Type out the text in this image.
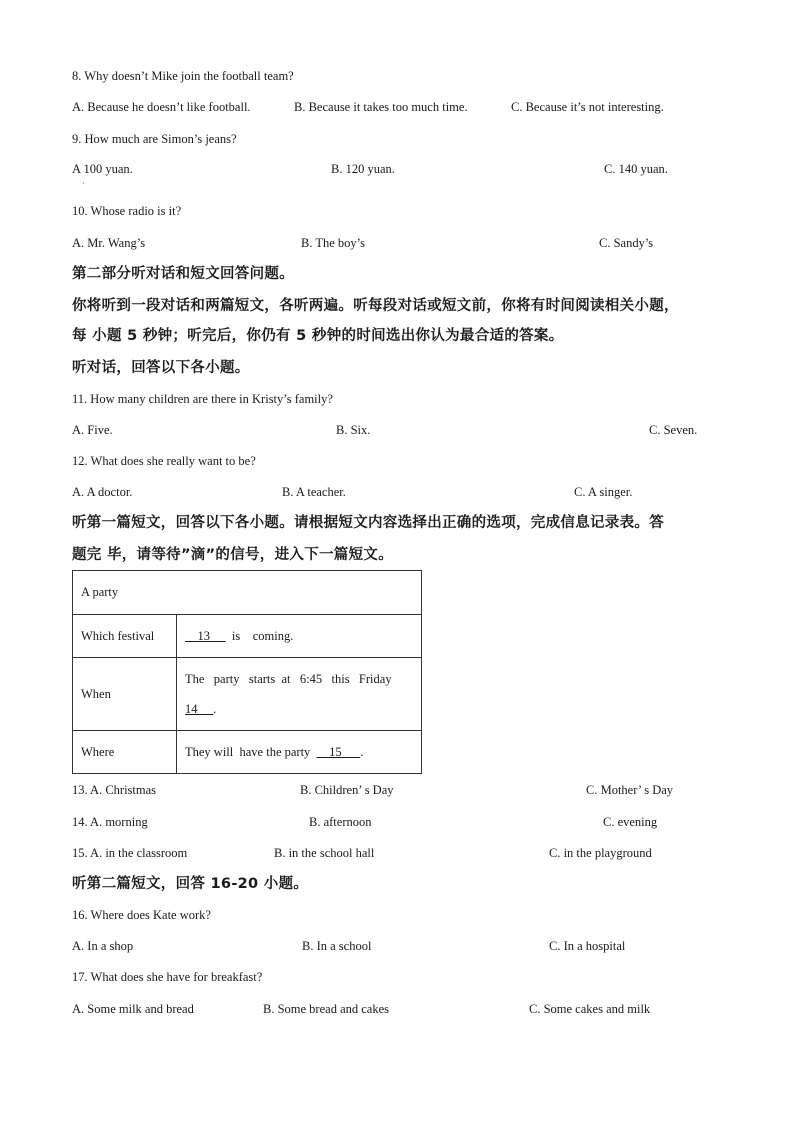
8. Why doesn’t Mike join the football team?
A. Because he doesn’t like football.	B. Because it takes too much time.	C. Because it’s not interesting.
9. How much are Simon’s jeans?
A 100 yuan.
·
B. 120 yuan.	C. 140 yuan.
10. Whose radio is it?
A. Mr. Wang’s	B. The boy’s	C. Sandy’s
第二部分听对话和短文回答问题。
你将听到一段对话和两篇短文，各听两遍。听每段对话或短文前，你将有时间阅读相关小题，
每 小题 5 秒钟；听完后，你仍有 5 秒钟的时间选出你认为最合适的答案。
听对话，回答以下各小题。
11. How many children are there in Kristy’s family?
A. Five.	B. Six.	C. Seven.
12. What does she really want to be?
A. A doctor.	B. A teacher.	C. A singer.
听第一篇短文，回答以下各小题。请根据短文内容选择出正确的选项，完成信息记录表。答
题完 毕，请等待”滴”的信号，进入下一篇短文。
A party	
Which festival	13       is    coming.
When	The   party   starts  at   6:45   this   Friday
14     .

Where	They will  have the party      15      .
13. A. Christmas	B. Children’ s Day	C. Mother’ s Day
14. A. morning	B. afternoon	C. evening
15. A. in the classroom	B. in the school hall	C. in the playground
听第二篇短文，回答 16-20 小题。
16. Where does Kate work?
A. In a shop	B. In a school	C. In a hospital
17. What does she have for breakfast?
A. Some milk and bread	B. Some bread and cakes	C. Some cakes and milk
